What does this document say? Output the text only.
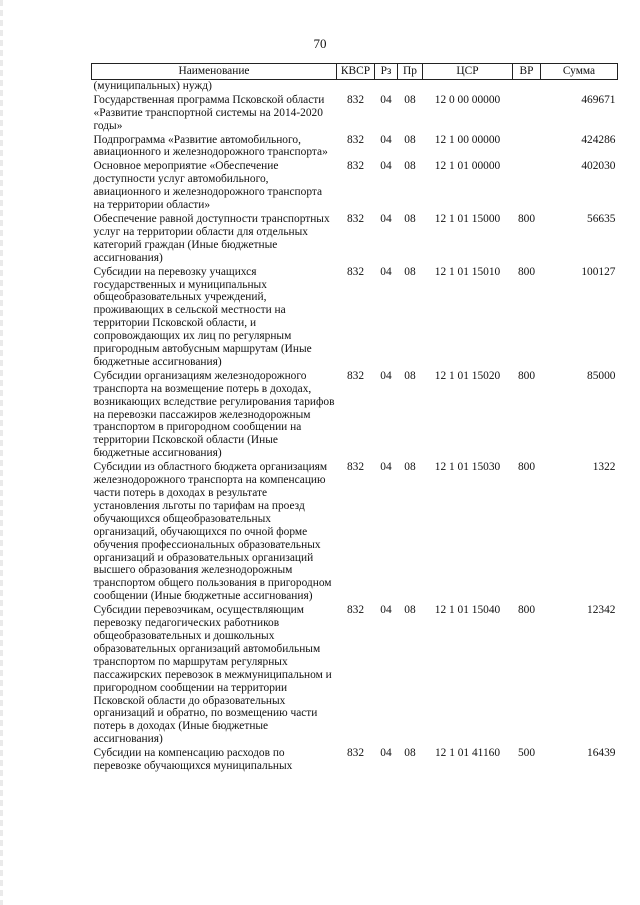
70
Наименование	КВСР	Рз	Пр	ЦСР	ВР	Сумма
(муниципальных) нужд)						
Государственная программа Псковской области «Развитие транспортной системы на 2014-2020 годы»	832	04	08	12 0 00 00000		469671
Подпрограмма «Развитие автомобильного, авиационного и железнодорожного транспорта»	832	04	08	12 1 00 00000		424286
Основное мероприятие «Обеспечение доступности услуг автомобильного, авиационного и железнодорожного транспорта на территории области»	832	04	08	12 1 01 00000		402030
Обеспечение равной доступности транспортных услуг на территории области для отдельных категорий граждан (Иные бюджетные ассигнования)	832	04	08	12 1 01 15000	800	56635
Субсидии на перевозку учащихся государственных и муниципальных общеобразовательных учреждений, проживающих в сельской местности на территории Псковской области, и сопровождающих их лиц по регулярным пригородным автобусным маршрутам (Иные бюджетные ассигнования)	832	04	08	12 1 01 15010	800	100127
Субсидии организациям железнодорожного транспорта на возмещение потерь в доходах, возникающих вследствие регулирования тарифов на перевозки пассажиров железнодорожным транспортом в пригородном сообщении на территории Псковской области (Иные бюджетные ассигнования)	832	04	08	12 1 01 15020	800	85000
Субсидии из областного бюджета организациям железнодорожного транспорта на компенсацию части потерь в доходах в результате установления льготы по тарифам на проезд обучающихся общеобразовательных организаций, обучающихся по очной форме обучения профессиональных образовательных организаций и образовательных организаций высшего образования железнодорожным транспортом общего пользования в пригородном сообщении (Иные бюджетные ассигнования)	832	04	08	12 1 01 15030	800	1322
Субсидии перевозчикам, осуществляющим перевозку педагогических работников общеобразовательных и дошкольных образовательных организаций автомобильным транспортом по маршрутам регулярных пассажирских перевозок в межмуниципальном и пригородном сообщении на территории Псковской области до образовательных организаций и обратно, по возмещению части потерь в доходах (Иные бюджетные ассигнования)	832	04	08	12 1 01 15040	800	12342
Субсидии на компенсацию расходов по перевозке обучающихся муниципальных	832	04	08	12 1 01 41160	500	16439
